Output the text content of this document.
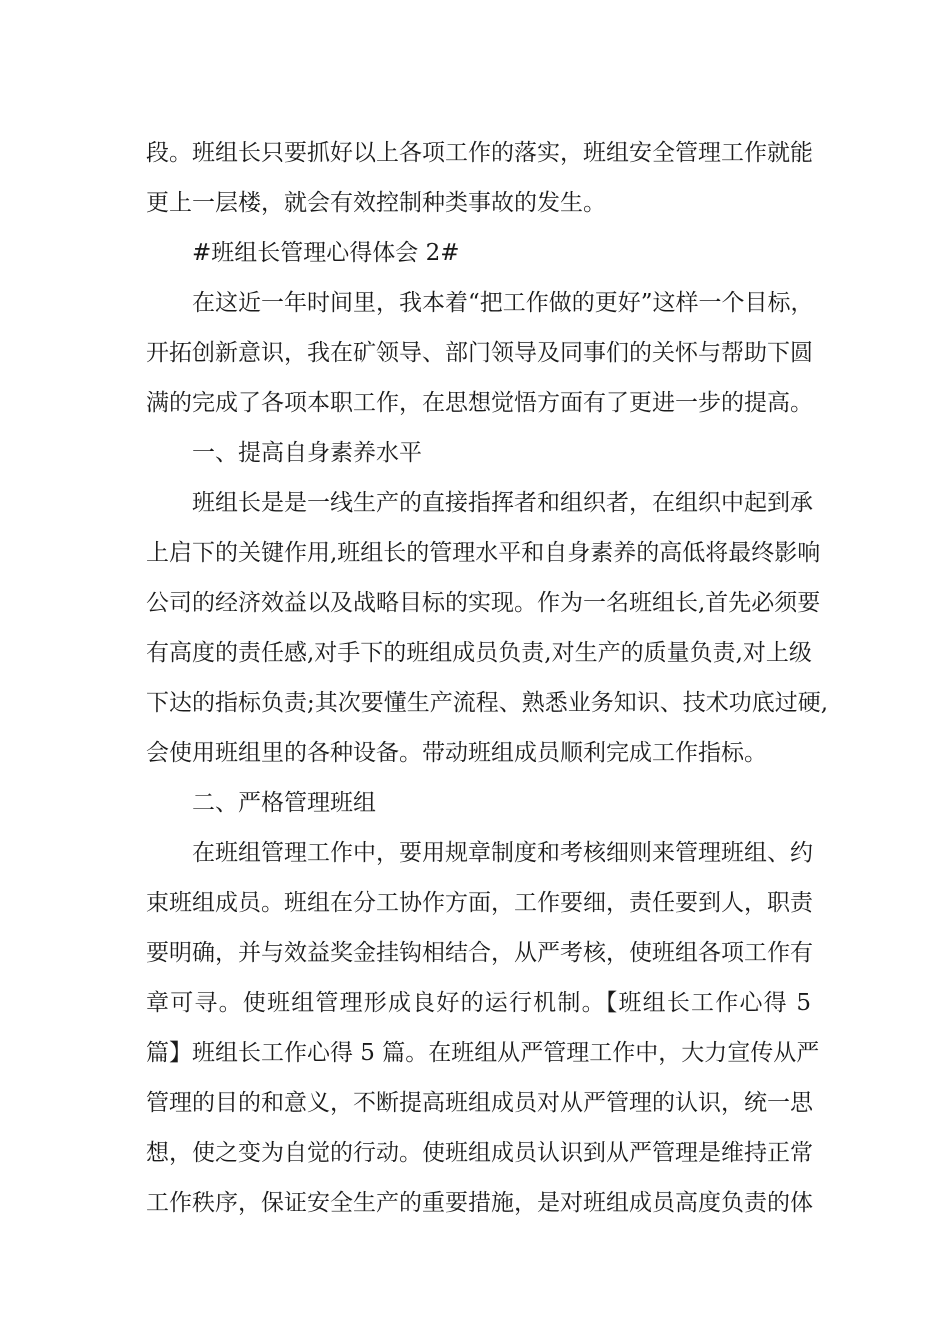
段。班组长只要抓好以上各项工作的落实，班组安全管理工作就能
更上一层楼，就会有效控制种类事故的发生。
#班组长管理心得体会 2#
在这近一年时间里，我本着“把工作做的更好”这样一个目标，
开拓创新意识，我在矿领导、部门领导及同事们的关怀与帮助下圆
满的完成了各项本职工作，在思想觉悟方面有了更进一步的提高。
一、提高自身素养水平
班组长是是一线生产的直接指挥者和组织者，在组织中起到承
上启下的关键作用,班组长的管理水平和自身素养的高低将最终影响
公司的经济效益以及战略目标的实现。作为一名班组长,首先必须要
有高度的责任感,对手下的班组成员负责,对生产的质量负责,对上级
下达的指标负责;其次要懂生产流程、熟悉业务知识、技术功底过硬,
会使用班组里的各种设备。带动班组成员顺利完成工作指标。
二、严格管理班组
在班组管理工作中，要用规章制度和考核细则来管理班组、约
束班组成员。班组在分工协作方面，工作要细，责任要到人，职责
要明确，并与效益奖金挂钩相结合，从严考核，使班组各项工作有
章可寻。使班组管理形成良好的运行机制。【班组长工作心得 5
篇】班组长工作心得 5 篇。在班组从严管理工作中，大力宣传从严
管理的目的和意义，不断提高班组成员对从严管理的认识，统一思
想，使之变为自觉的行动。使班组成员认识到从严管理是维持正常
工作秩序，保证安全生产的重要措施，是对班组成员高度负责的体
